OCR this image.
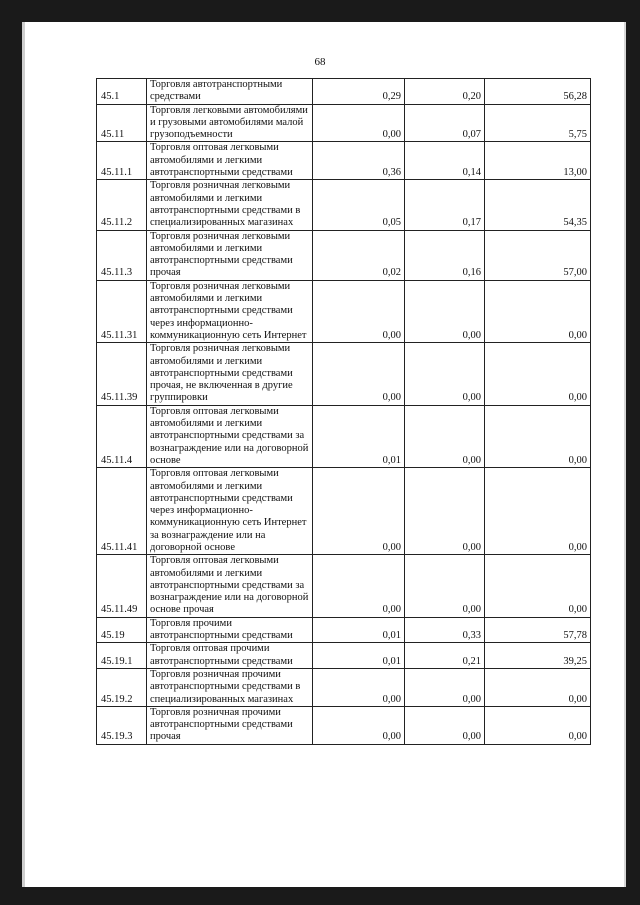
68
45.1	Торговля автотранспортными средствами	0,29	0,20	56,28
45.11	Торговля легковыми автомобилями и грузовыми автомобилями малой грузоподъемности	0,00	0,07	5,75
45.11.1	Торговля оптовая легковыми автомобилями и легкими автотранспортными средствами	0,36	0,14	13,00
45.11.2	Торговля розничная легковыми автомобилями и легкими автотранспортными средствами в специализированных магазинах	0,05	0,17	54,35
45.11.3	Торговля розничная легковыми автомобилями и легкими автотранспортными средствами прочая	0,02	0,16	57,00
45.11.31	Торговля розничная легковыми автомобилями и легкими автотранспортными средствами через информационно-коммуникационную сеть Интернет	0,00	0,00	0,00
45.11.39	Торговля розничная легковыми автомобилями и легкими автотранспортными средствами прочая, не включенная в другие группировки	0,00	0,00	0,00
45.11.4	Торговля оптовая легковыми автомобилями и легкими автотранспортными средствами за вознаграждение или на договорной основе	0,01	0,00	0,00
45.11.41	Торговля оптовая легковыми автомобилями и легкими автотранспортными средствами через информационно-коммуникационную сеть Интернет за вознаграждение или на договорной основе	0,00	0,00	0,00
45.11.49	Торговля оптовая легковыми автомобилями и легкими автотранспортными средствами за вознаграждение или на договорной основе прочая	0,00	0,00	0,00
45.19	Торговля прочими автотранспортными средствами	0,01	0,33	57,78
45.19.1	Торговля оптовая прочими автотранспортными средствами	0,01	0,21	39,25
45.19.2	Торговля розничная прочими автотранспортными средствами в специализированных магазинах	0,00	0,00	0,00
45.19.3	Торговля розничная прочими автотранспортными средствами прочая	0,00	0,00	0,00
